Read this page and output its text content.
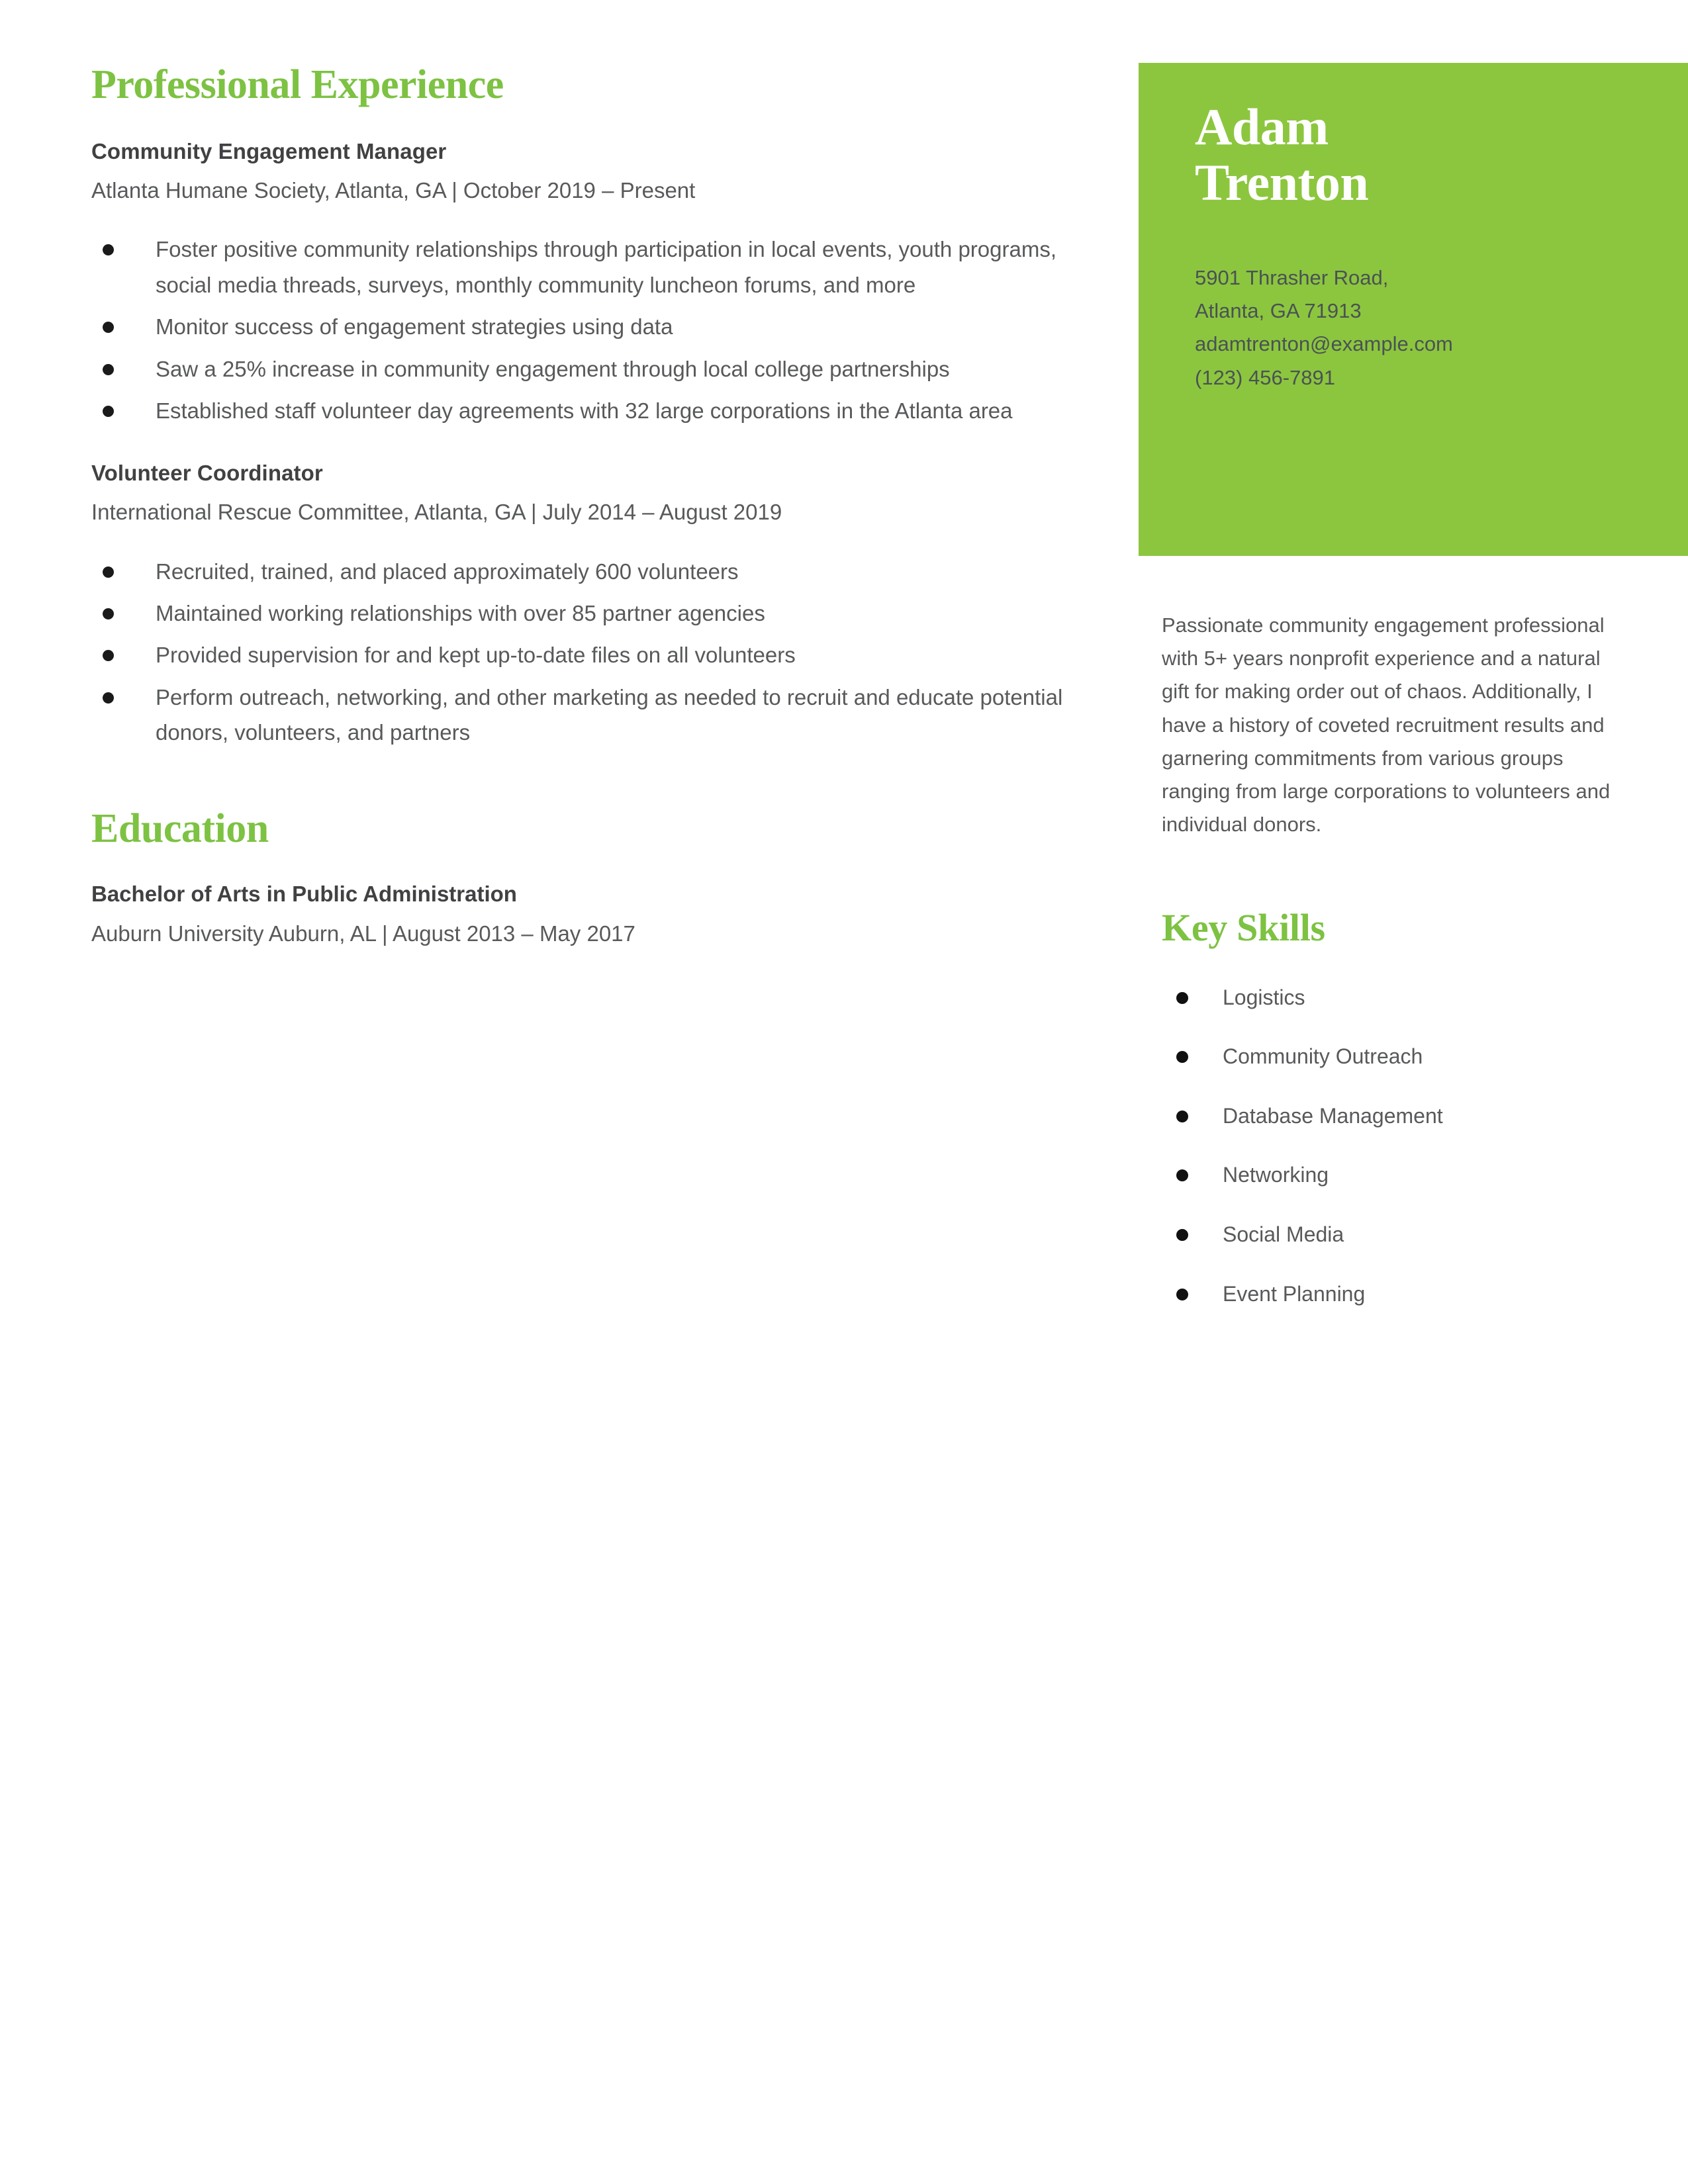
Professional Experience
Community Engagement Manager
Atlanta Humane Society, Atlanta, GA | October 2019 – Present
Foster positive community relationships through participation in local events, youth programs, social media threads, surveys, monthly community luncheon forums, and more
Monitor success of engagement strategies using data
Saw a 25% increase in community engagement through local college partnerships
Established staff volunteer day agreements with 32 large corporations in the Atlanta area
Volunteer Coordinator
International Rescue Committee, Atlanta, GA | July 2014 – August 2019
Recruited, trained, and placed approximately 600 volunteers
Maintained working relationships with over 85 partner agencies
Provided supervision for and kept up-to-date files on all volunteers
Perform outreach, networking, and other marketing as needed to recruit and educate potential donors, volunteers, and partners
Education
Bachelor of Arts in Public Administration
Auburn University Auburn, AL | August 2013 – May 2017
Adam
Trenton
5901 Thrasher Road,
Atlanta, GA 71913
adamtrenton@example.com
(123) 456-7891

Passionate community engagement professional with 5+ years nonprofit experience and a natural gift for making order out of chaos. Additionally, I have a history of coveted recruitment results and garnering commitments from various groups ranging from large corporations to volunteers and individual donors.

Key Skills
Logistics
Community Outreach
Database Management
Networking
Social Media
Event Planning
